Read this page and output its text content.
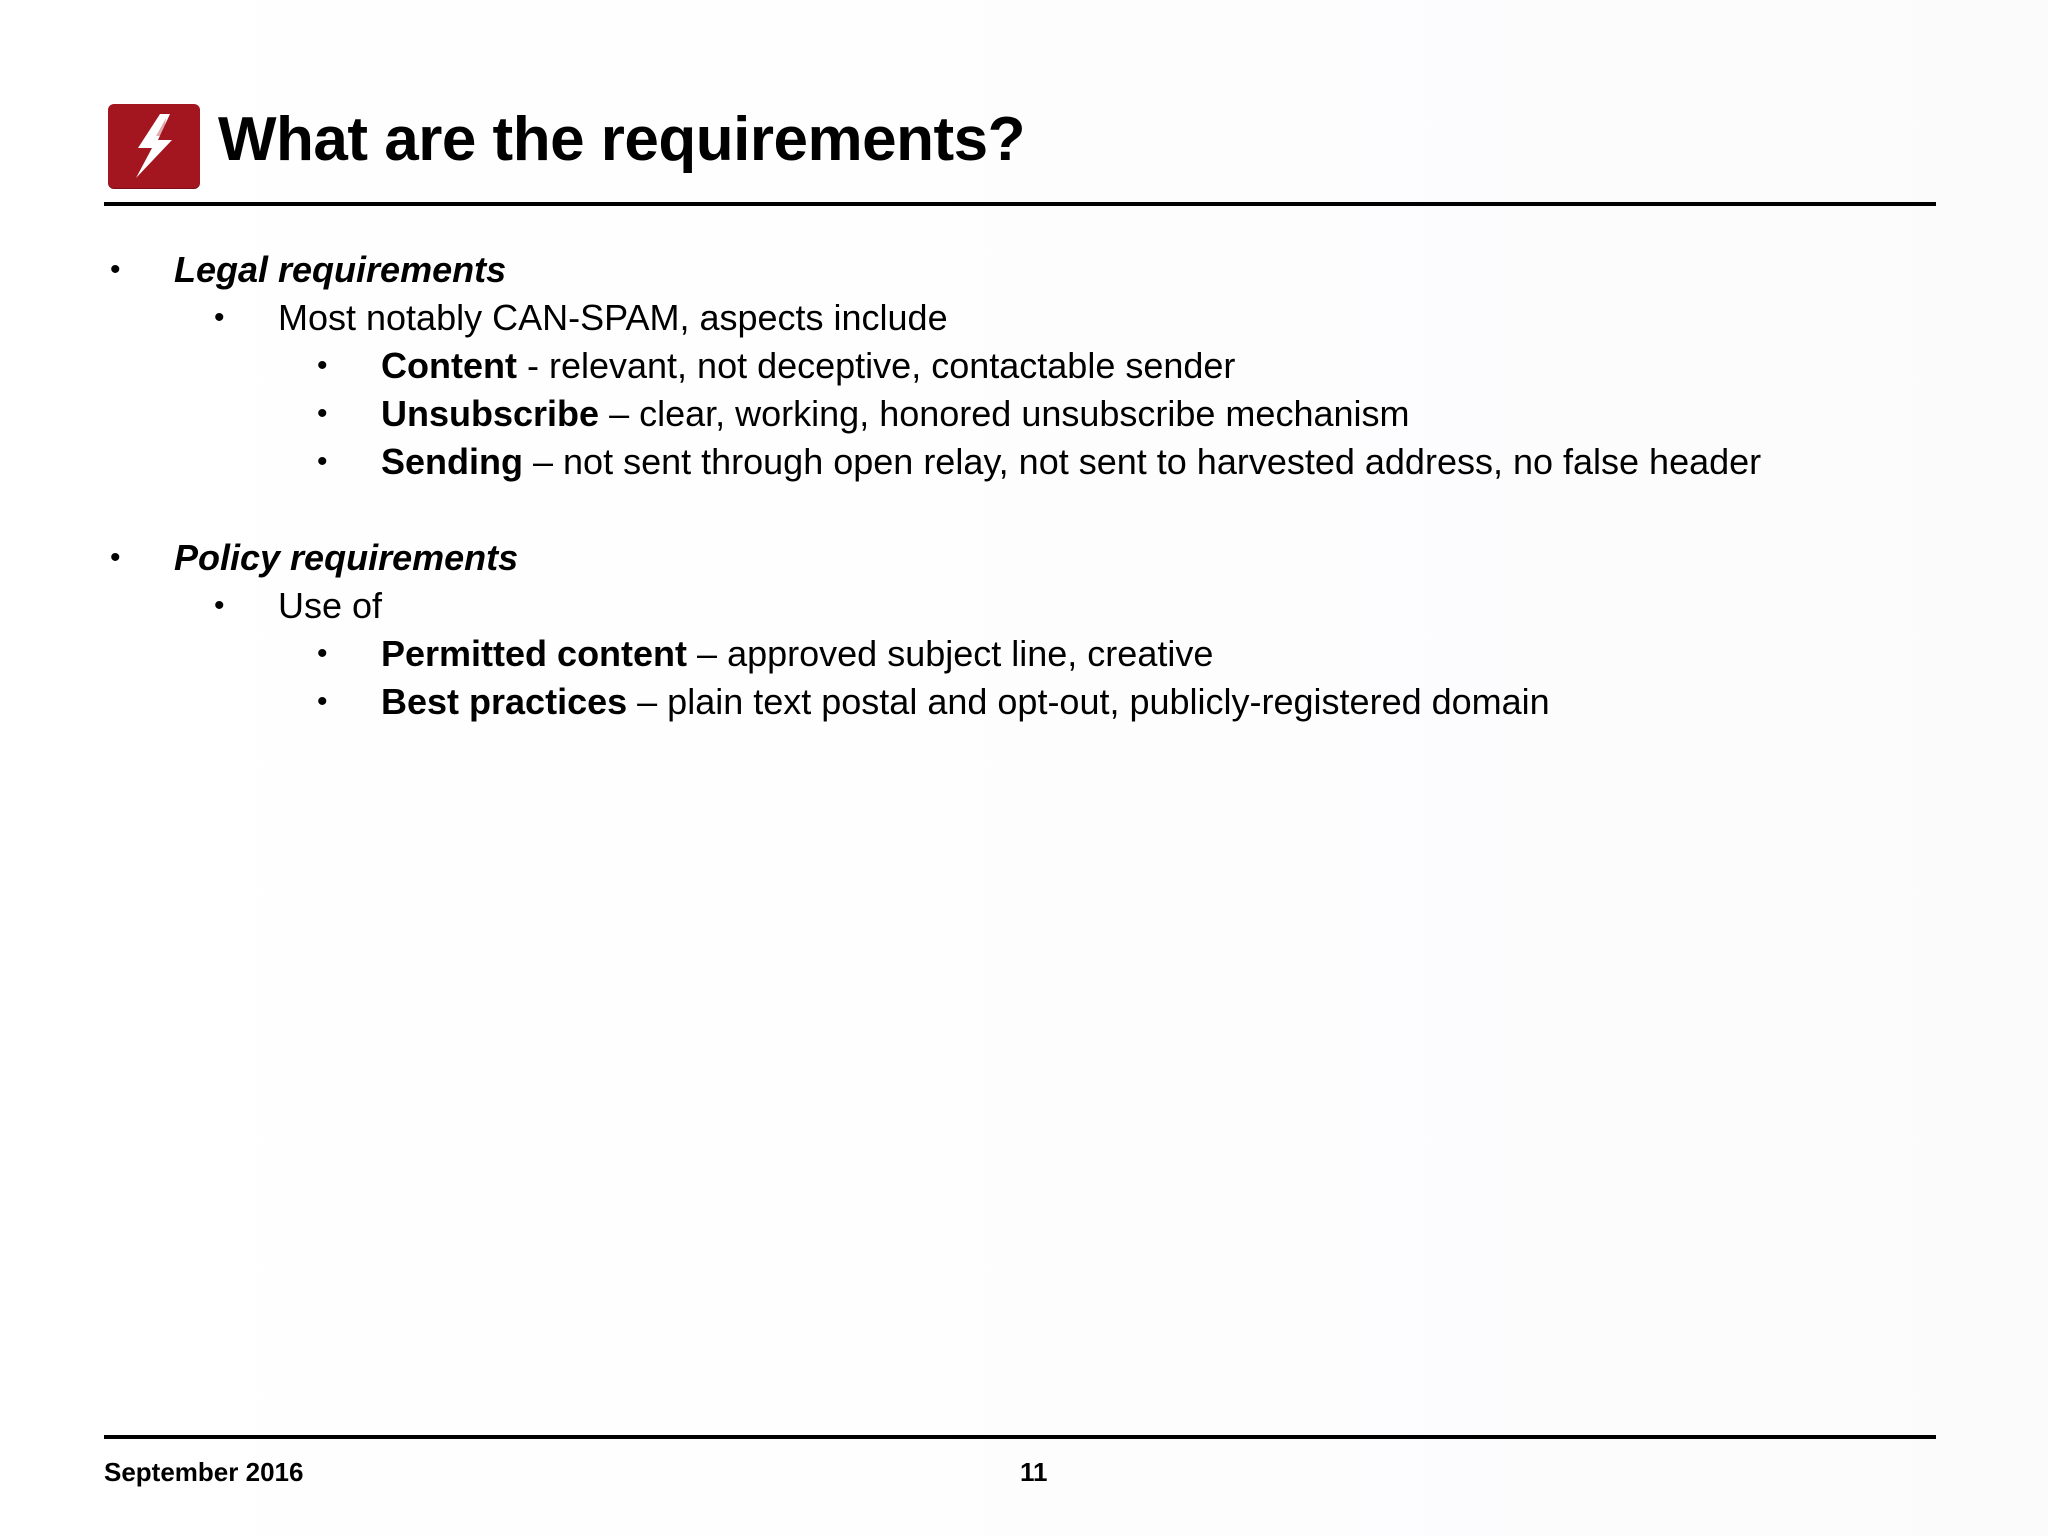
What are the requirements?
• Legal requirements
• Most notably CAN-SPAM, aspects include
• Content - relevant, not deceptive, contactable sender
• Unsubscribe – clear, working, honored unsubscribe mechanism
• Sending – not sent through open relay, not sent to harvested address, no false header
• Policy requirements
• Use of
• Permitted content – approved subject line, creative
• Best practices – plain text postal and opt-out, publicly-registered domain
September 2016	11
